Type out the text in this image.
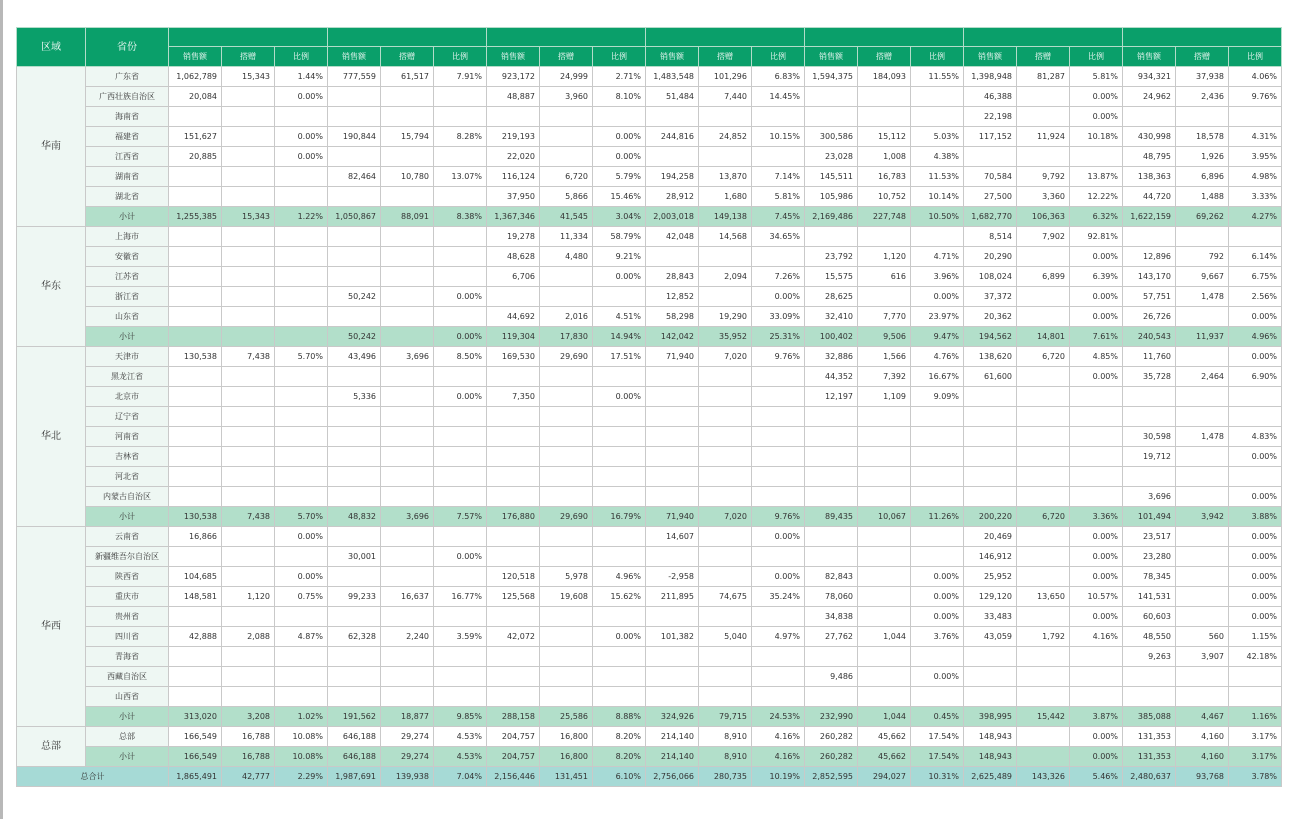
区域	省份																					
		销售额	搭赠	比例	销售额	搭赠	比例	销售额	搭赠	比例	销售额	搭赠	比例	销售额	搭赠	比例	销售额	搭赠	比例	销售额	搭赠	比例
华南	广东省	1,062,789	15,343	1.44%	777,559	61,517	7.91%	923,172	24,999	2.71%	1,483,548	101,296	6.83%	1,594,375	184,093	11.55%	1,398,948	81,287	5.81%	934,321	37,938	4.06%
	广西壮族自治区	20,084		0.00%				48,887	3,960	8.10%	51,484	7,440	14.45%				46,388		0.00%	24,962	2,436	9.76%
	海南省																22,198		0.00%			
	福建省	151,627		0.00%	190,844	15,794	8.28%	219,193		0.00%	244,816	24,852	10.15%	300,586	15,112	5.03%	117,152	11,924	10.18%	430,998	18,578	4.31%
	江西省	20,885		0.00%				22,020		0.00%				23,028	1,008	4.38%				48,795	1,926	3.95%
	湖南省				82,464	10,780	13.07%	116,124	6,720	5.79%	194,258	13,870	7.14%	145,511	16,783	11.53%	70,584	9,792	13.87%	138,363	6,896	4.98%
	湖北省							37,950	5,866	15.46%	28,912	1,680	5.81%	105,986	10,752	10.14%	27,500	3,360	12.22%	44,720	1,488	3.33%
	小计	1,255,385	15,343	1.22%	1,050,867	88,091	8.38%	1,367,346	41,545	3.04%	2,003,018	149,138	7.45%	2,169,486	227,748	10.50%	1,682,770	106,363	6.32%	1,622,159	69,262	4.27%
华东	上海市							19,278	11,334	58.79%	42,048	14,568	34.65%				8,514	7,902	92.81%			
	安徽省							48,628	4,480	9.21%				23,792	1,120	4.71%	20,290		0.00%	12,896	792	6.14%
	江苏省							6,706		0.00%	28,843	2,094	7.26%	15,575	616	3.96%	108,024	6,899	6.39%	143,170	9,667	6.75%
	浙江省				50,242		0.00%				12,852		0.00%	28,625		0.00%	37,372		0.00%	57,751	1,478	2.56%
	山东省							44,692	2,016	4.51%	58,298	19,290	33.09%	32,410	7,770	23.97%	20,362		0.00%	26,726		0.00%
	小计				50,242		0.00%	119,304	17,830	14.94%	142,042	35,952	25.31%	100,402	9,506	9.47%	194,562	14,801	7.61%	240,543	11,937	4.96%
华北	天津市	130,538	7,438	5.70%	43,496	3,696	8.50%	169,530	29,690	17.51%	71,940	7,020	9.76%	32,886	1,566	4.76%	138,620	6,720	4.85%	11,760		0.00%
	黑龙江省													44,352	7,392	16.67%	61,600		0.00%	35,728	2,464	6.90%
	北京市				5,336		0.00%	7,350		0.00%				12,197	1,109	9.09%						
	辽宁省																					
	河南省																			30,598	1,478	4.83%
	吉林省																			19,712		0.00%
	河北省																					
	内蒙古自治区																			3,696		0.00%
	小计	130,538	7,438	5.70%	48,832	3,696	7.57%	176,880	29,690	16.79%	71,940	7,020	9.76%	89,435	10,067	11.26%	200,220	6,720	3.36%	101,494	3,942	3.88%
华西	云南省	16,866		0.00%							14,607		0.00%				20,469		0.00%	23,517		0.00%
	新疆维吾尔自治区				30,001		0.00%										146,912		0.00%	23,280		0.00%
	陕西省	104,685		0.00%				120,518	5,978	4.96%	-2,958		0.00%	82,843		0.00%	25,952		0.00%	78,345		0.00%
	重庆市	148,581	1,120	0.75%	99,233	16,637	16.77%	125,568	19,608	15.62%	211,895	74,675	35.24%	78,060		0.00%	129,120	13,650	10.57%	141,531		0.00%
	贵州省													34,838		0.00%	33,483		0.00%	60,603		0.00%
	四川省	42,888	2,088	4.87%	62,328	2,240	3.59%	42,072		0.00%	101,382	5,040	4.97%	27,762	1,044	3.76%	43,059	1,792	4.16%	48,550	560	1.15%
	青海省																			9,263	3,907	42.18%
	西藏自治区													9,486		0.00%						
	山西省																					
	小计	313,020	3,208	1.02%	191,562	18,877	9.85%	288,158	25,586	8.88%	324,926	79,715	24.53%	232,990	1,044	0.45%	398,995	15,442	3.87%	385,088	4,467	1.16%
总部	总部	166,549	16,788	10.08%	646,188	29,274	4.53%	204,757	16,800	8.20%	214,140	8,910	4.16%	260,282	45,662	17.54%	148,943		0.00%	131,353	4,160	3.17%
	小计	166,549	16,788	10.08%	646,188	29,274	4.53%	204,757	16,800	8.20%	214,140	8,910	4.16%	260,282	45,662	17.54%	148,943		0.00%	131,353	4,160	3.17%
总合计		1,865,491	42,777	2.29%	1,987,691	139,938	7.04%	2,156,446	131,451	6.10%	2,756,066	280,735	10.19%	2,852,595	294,027	10.31%	2,625,489	143,326	5.46%	2,480,637	93,768	3.78%
